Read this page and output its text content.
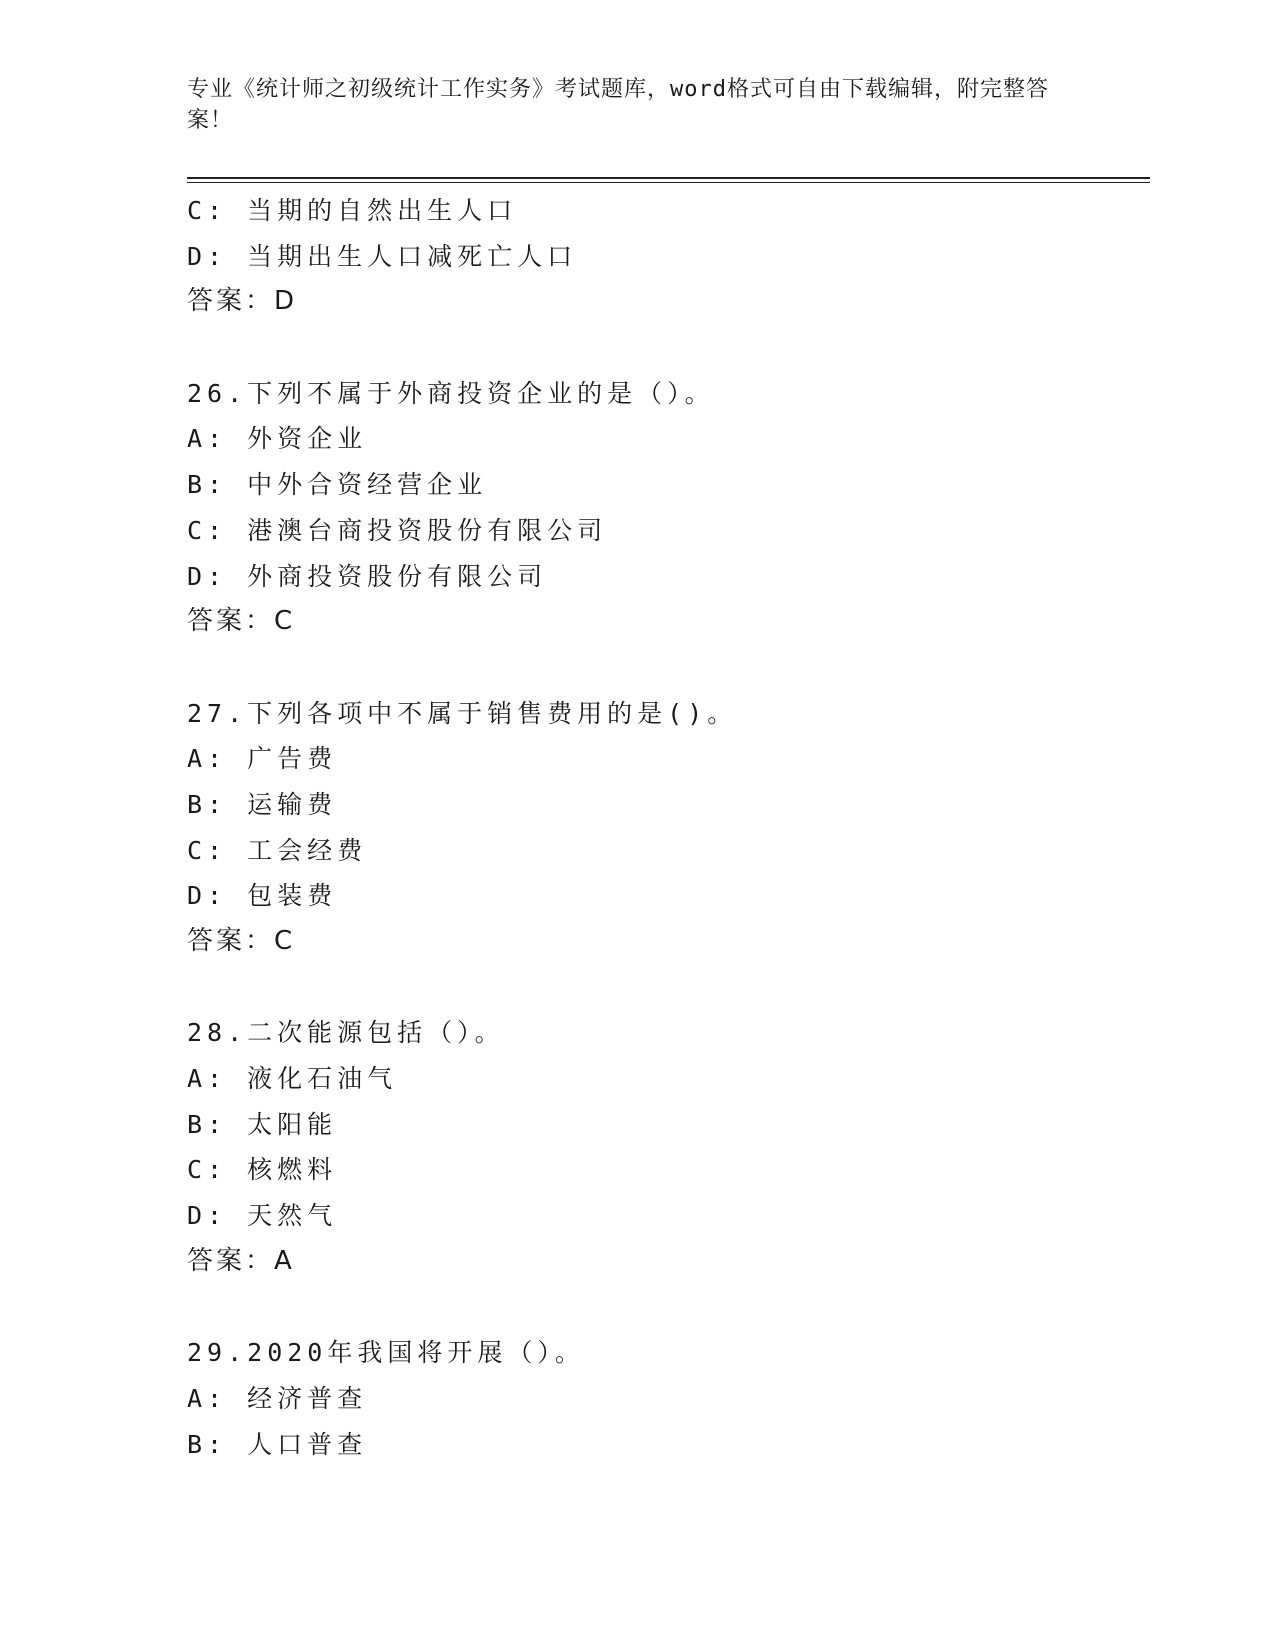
专业《统计师之初级统计工作实务》考试题库，word格式可自由下载编辑，附完整答案！
C: 当期的自然出生人口
D: 当期出生人口减死亡人口
答案：D
26.下列不属于外商投资企业的是（）。
A: 外资企业
B: 中外合资经营企业
C: 港澳台商投资股份有限公司
D: 外商投资股份有限公司
答案：C
27.下列各项中不属于销售费用的是()。
A: 广告费
B: 运输费
C: 工会经费
D: 包装费
答案：C
28.二次能源包括（）。
A: 液化石油气
B: 太阳能
C: 核燃料
D: 天然气
答案：A
29.2020年我国将开展（）。
A: 经济普查
B: 人口普查
